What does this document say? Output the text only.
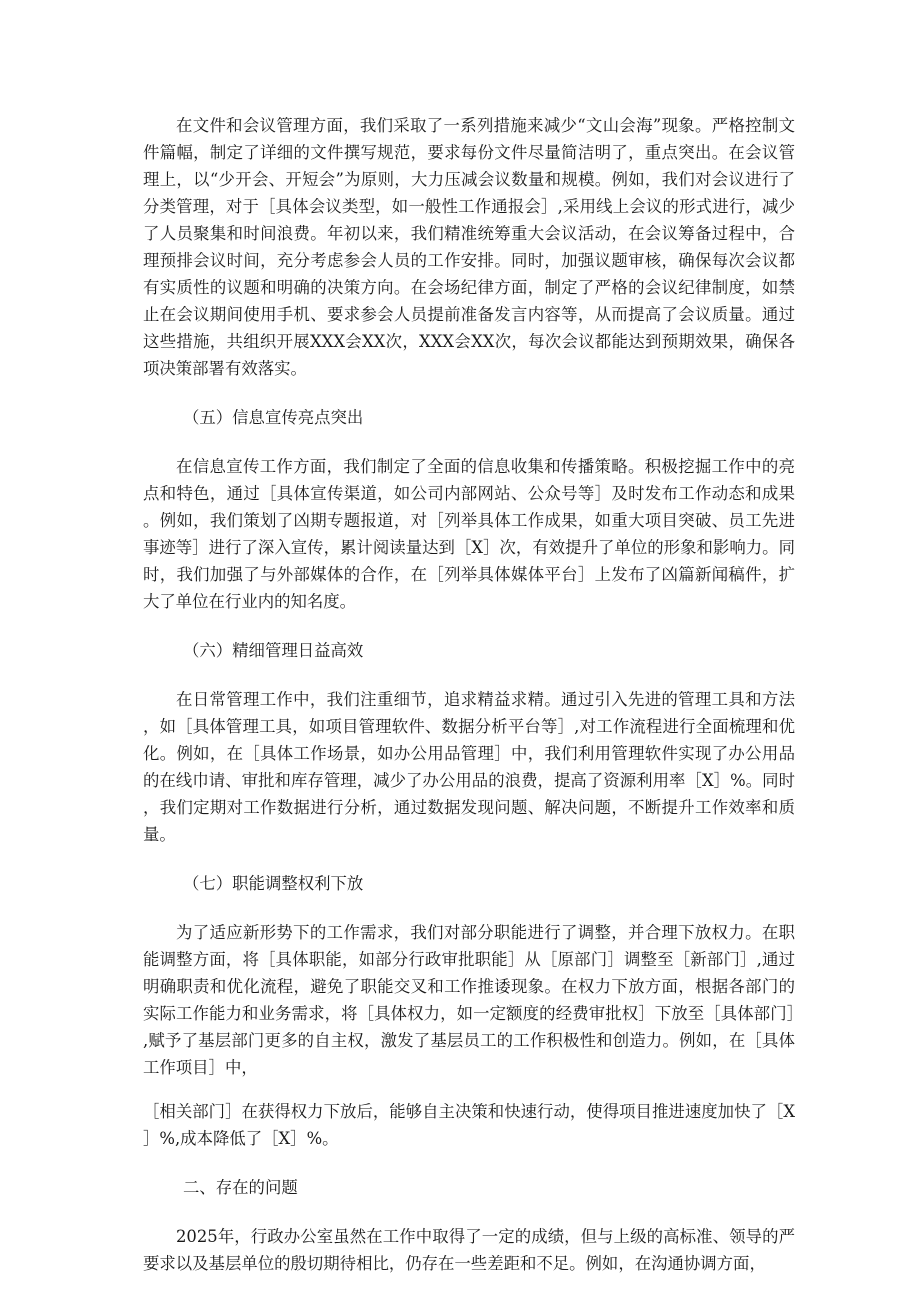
在文件和会议管理方面，我们采取了一系列措施来减少“文山会海”现象。严格控制文件篇幅，制定了详细的文件撰写规范，要求每份文件尽量简洁明了，重点突出。在会议管理上，以“少开会、开短会”为原则，大力压减会议数量和规模。例如，我们对会议进行了分类管理，对于［具体会议类型，如一般性工作通报会］,采用线上会议的形式进行，减少了人员聚集和时间浪费。年初以来，我们精准统筹重大会议活动，在会议筹备过程中，合理预排会议时间，充分考虑参会人员的工作安排。同时，加强议题审核，确保每次会议都有实质性的议题和明确的决策方向。在会场纪律方面，制定了严格的会议纪律制度，如禁止在会议期间使用手机、要求参会人员提前准备发言内容等，从而提高了会议质量。通过这些措施，共组织开展XXX会XX次，XXX会XX次，每次会议都能达到预期效果，确保各项决策部署有效落实。

（五）信息宣传亮点突出

在信息宣传工作方面，我们制定了全面的信息收集和传播策略。积极挖掘工作中的亮点和特色，通过［具体宣传渠道，如公司内部网站、公众号等］及时发布工作动态和成果。例如，我们策划了凶期专题报道，对［列举具体工作成果，如重大项目突破、员工先进事迹等］进行了深入宣传，累计阅读量达到［X］次，有效提升了单位的形象和影响力。同时，我们加强了与外部媒体的合作，在［列举具体媒体平台］上发布了凶篇新闻稿件，扩大了单位在行业内的知名度。

（六）精细管理日益高效

在日常管理工作中，我们注重细节，追求精益求精。通过引入先进的管理工具和方法，如［具体管理工具，如项目管理软件、数据分析平台等］,对工作流程进行全面梳理和优化。例如，在［具体工作场景，如办公用品管理］中，我们利用管理软件实现了办公用品的在线巾请、审批和库存管理，减少了办公用品的浪费，提高了资源利用率［X］%。同时，我们定期对工作数据进行分析，通过数据发现问题、解决问题，不断提升工作效率和质量。

（七）职能调整权利下放

为了适应新形势下的工作需求，我们对部分职能进行了调整，并合理下放权力。在职能调整方面，将［具体职能，如部分行政审批职能］从［原部门］调整至［新部门］,通过明确职责和优化流程，避免了职能交叉和工作推诿现象。在权力下放方面，根据各部门的实际工作能力和业务需求，将［具体权力，如一定额度的经费审批权］下放至［具体部门］,赋予了基层部门更多的自主权，激发了基层员工的工作积极性和创造力。例如，在［具体工作项目］中，

［相关部门］在获得权力下放后，能够自主决策和快速行动，使得项目推进速度加快了［X］%,成本降低了［X］%。

二、存在的问题

2025年，行政办公室虽然在工作中取得了一定的成绩，但与上级的高标准、领导的严要求以及基层单位的殷切期待相比，仍存在一些差距和不足。例如，在沟通协调方面，
